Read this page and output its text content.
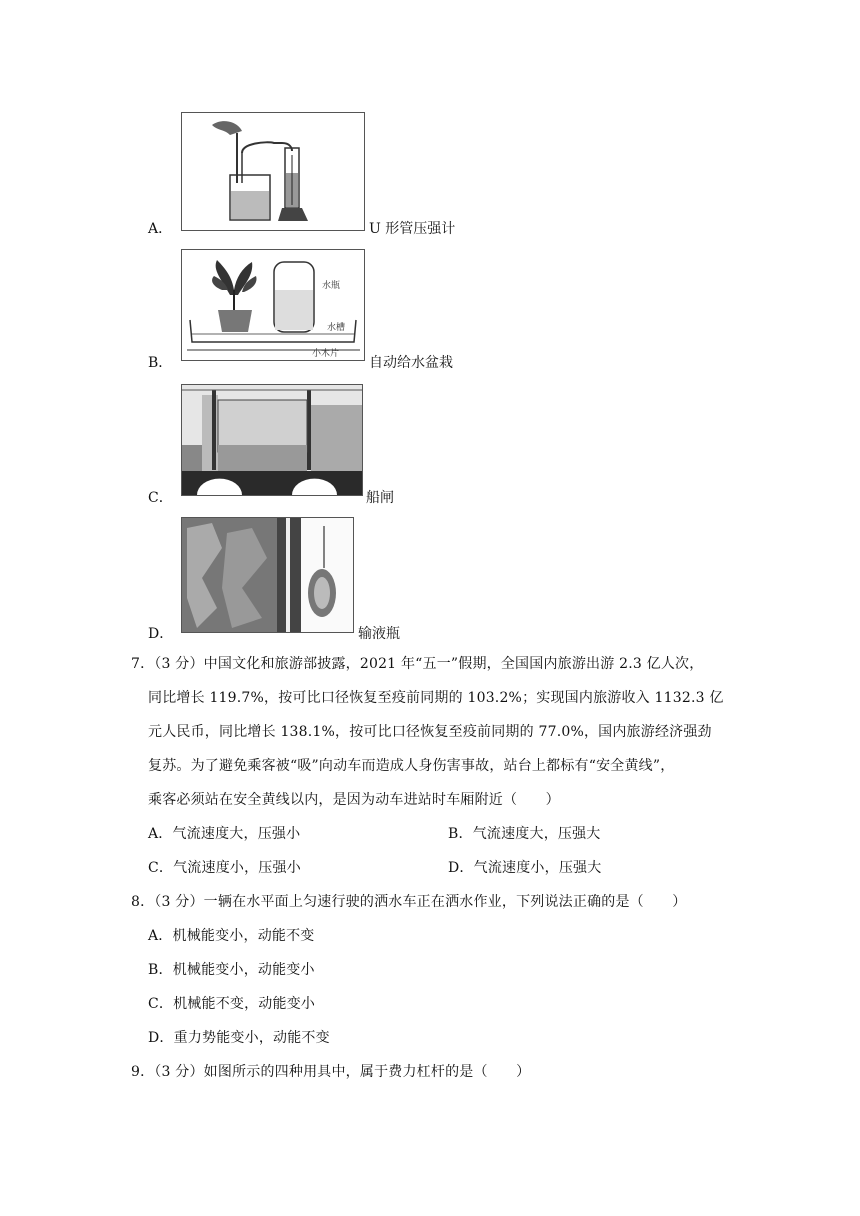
A．	U 形管压强计
B．
水瓶
水槽
小木片
自动给水盆栽
C．	船闸
D．	输液瓶
7．（3 分）中国文化和旅游部披露，2021 年“五一”假期，全国国内旅游出游 2.3 亿人次，
同比增长 119.7%，按可比口径恢复至疫前同期的 103.2%；实现国内旅游收入 1132.3 亿
元人民币，同比增长 138.1%，按可比口径恢复至疫前同期的 77.0%，国内旅游经济强劲
复苏。为了避免乘客被“吸”向动车而造成人身伤害事故，站台上都标有“安全黄线”，
乘客必须站在安全黄线以内，是因为动车进站时车厢附近（　　）
A．气流速度大，压强小	B．气流速度大，压强大
C．气流速度小，压强小	D．气流速度小，压强大
8．（3 分）一辆在水平面上匀速行驶的洒水车正在洒水作业，下列说法正确的是（　　）
A．机械能变小，动能不变
B．机械能变小，动能变小
C．机械能不变，动能变小
D．重力势能变小，动能不变
9．（3 分）如图所示的四种用具中，属于费力杠杆的是（　　）
